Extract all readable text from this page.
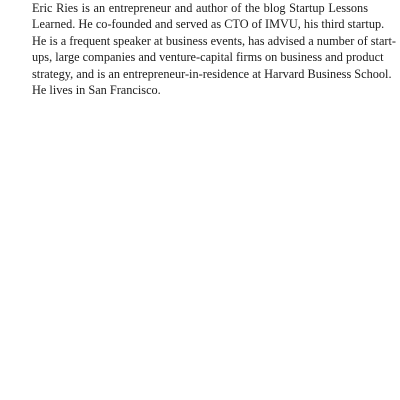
Eric Ries is an entrepreneur and author of the blog Startup Lessons
Learned. He co-founded and served as CTO of IMVU, his third startup.
He is a frequent speaker at business events, has advised a number of start-
ups, large companies and venture-capital firms on business and product
strategy, and is an entrepreneur-in-residence at Harvard Business School.
He lives in San Francisco.
